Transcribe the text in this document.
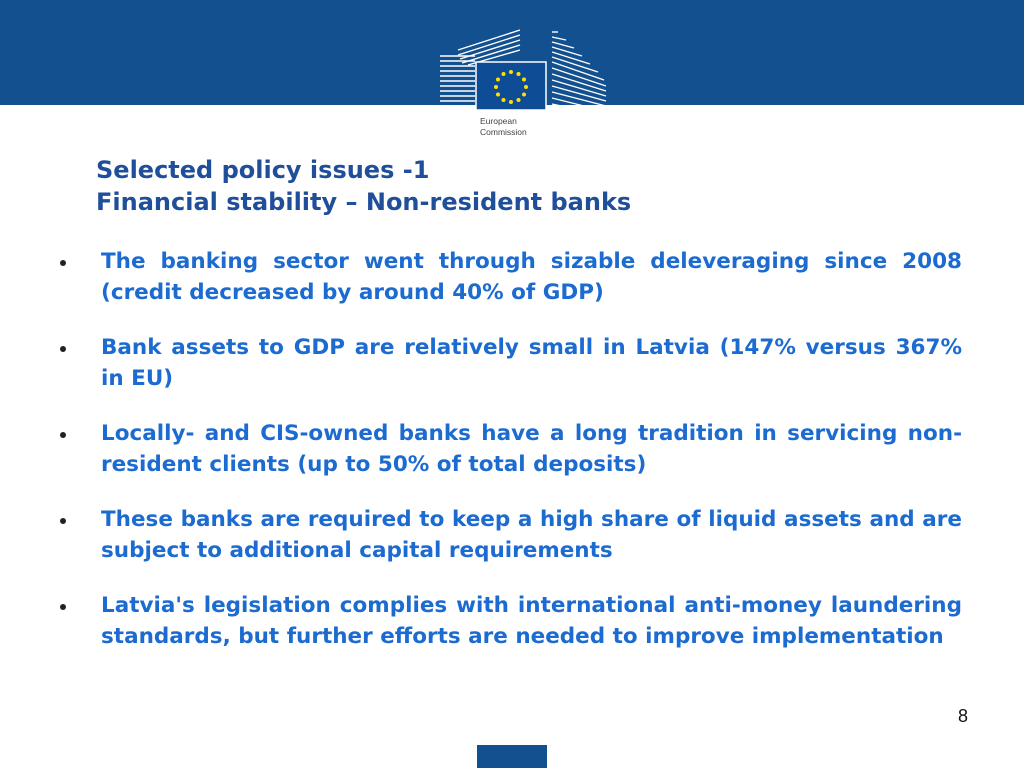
European
Commission
Selected policy issues -1
Financial stability – Non-resident banks
The banking sector went through sizable deleveraging since 2008 (credit decreased by around 40% of GDP)
Bank assets to GDP are relatively small in Latvia (147% versus 367% in EU)
Locally- and CIS-owned banks have a long tradition in servicing non-resident clients (up to 50% of total deposits)
These banks are required to keep a high share of liquid assets and are subject to additional capital requirements
Latvia's legislation complies with international anti-money laundering standards, but further efforts are needed to improve implementation
8
